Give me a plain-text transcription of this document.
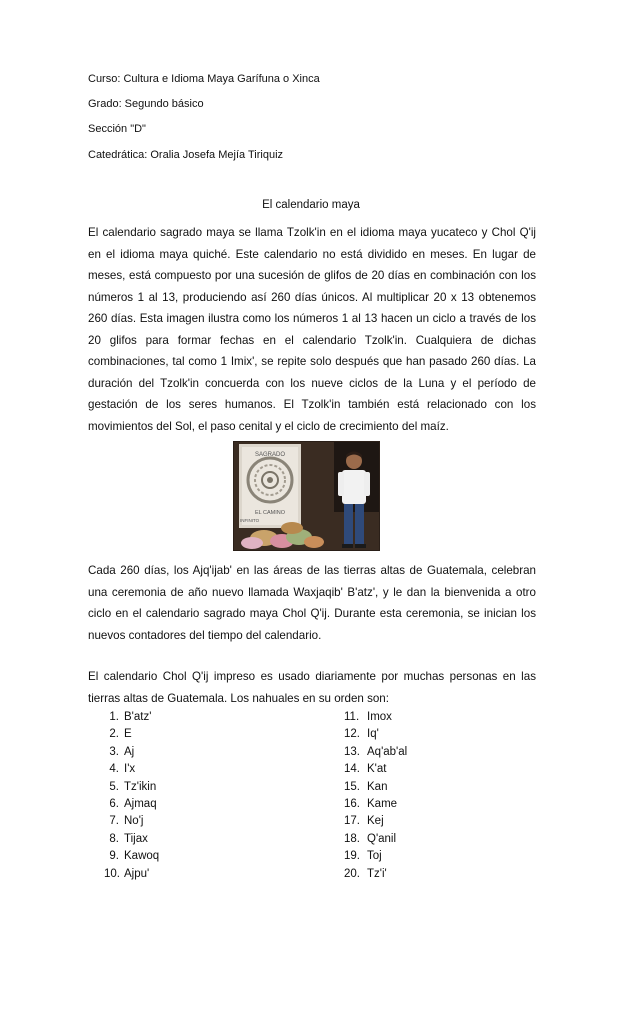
Curso: Cultura e Idioma Maya Garífuna o Xinca
Grado: Segundo básico
Sección "D"
Catedrática: Oralia Josefa Mejía Tiriquiz
El calendario maya

El calendario sagrado maya se llama Tzolk'in en el idioma maya yucateco y Chol Q'ij en el idioma maya quiché. Este calendario no está dividido en meses. En lugar de meses, está compuesto por una sucesión de glifos de 20 días en combinación con los números 1 al 13, produciendo así 260 días únicos. Al multiplicar 20 x 13 obtenemos 260 días. Esta imagen ilustra como los números 1 al 13 hacen un ciclo a través de los 20 glifos para formar fechas en el calendario Tzolk'in. Cualquiera de dichas combinaciones, tal como 1 Imix', se repite solo después que han pasado 260 días. La duración del Tzolk'in concuerda con los nueve ciclos de la Luna y el período de gestación de los seres humanos. El Tzolk'in también está relacionado con los movimientos del Sol, el paso cenital y el ciclo de crecimiento del maíz.

SAGRADO
EL CAMINO
INFINITO

Cada 260 días, los Ajq'ijab' en las áreas de las tierras altas de Guatemala, celebran una ceremonia de año nuevo llamada Waxjaqib' B'atz', y le dan la bienvenida a otro ciclo en el calendario sagrado maya Chol Q'ij. Durante esta ceremonia, se inician los nuevos contadores del tiempo del calendario.

El calendario Chol Q'ij impreso es usado diariamente por muchas personas en las tierras altas de Guatemala. Los nahuales en su orden son:

1. B'atz'
2. E
3. Aj
4. I'x
5. Tz'ikin
6. Ajmaq
7. No'j
8. Tijax
9. Kawoq
10. Ajpu'
11. Imox
12. Iq'
13. Aq'ab'al
14. K'at
15. Kan
16. Kame
17. Kej
18. Q'anil
19. Toj
20. Tz'i'
